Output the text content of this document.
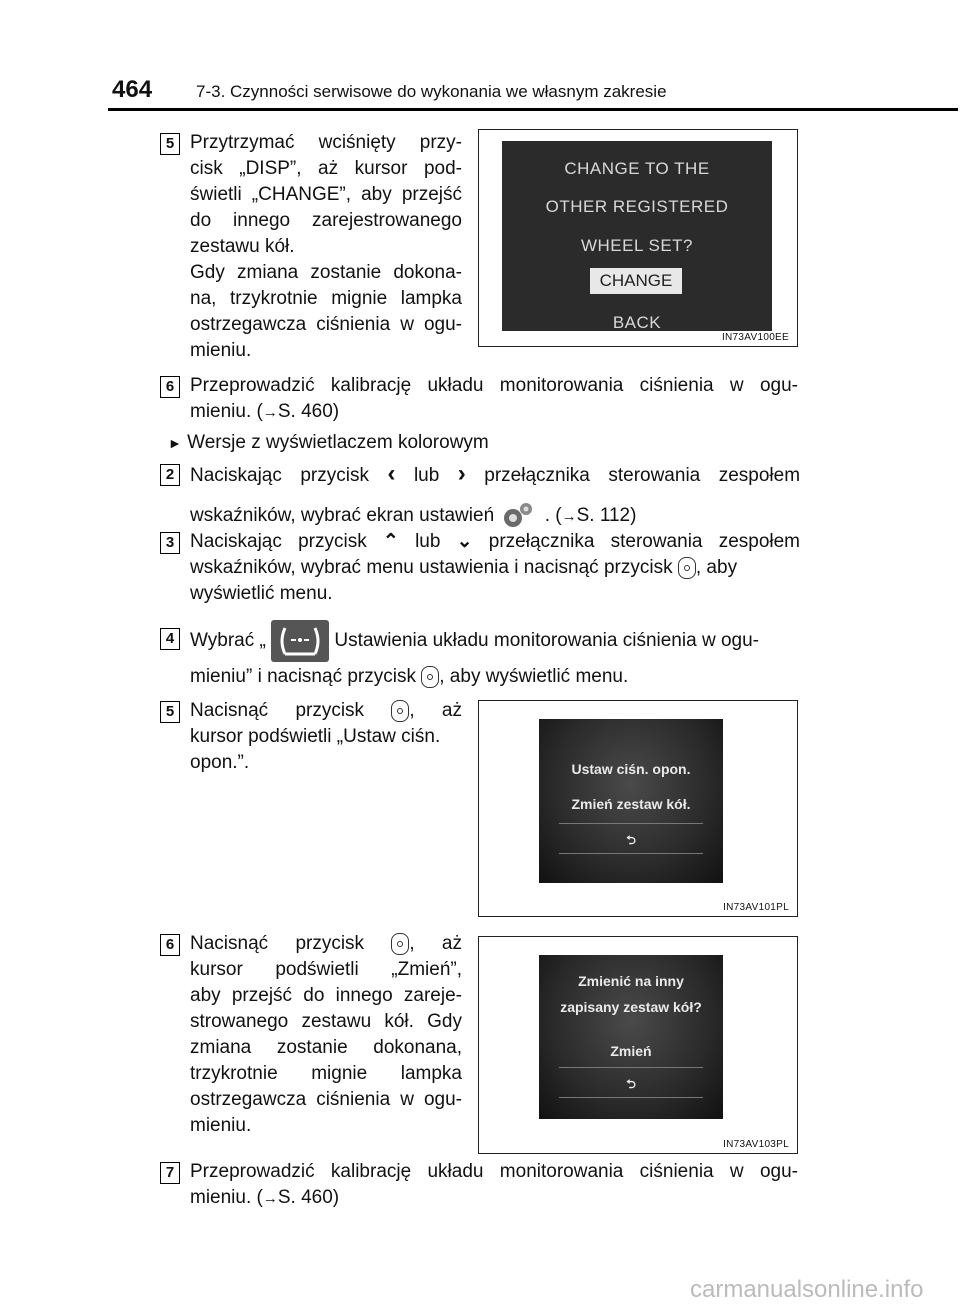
464	7-3. Czynności serwisowe do wykonania we własnym zakresie
5 Przytrzymać wciśnięty przy-
cisk „DISP”, aż kursor pod-
świetli „CHANGE”, aby przejść
do innego zarejestrowanego
zestawu kół.
Gdy zmiana zostanie dokona-
na, trzykrotnie mignie lampka
ostrzegawcza ciśnienia w ogu-
mieniu.
CHANGE TO THE
OTHER REGISTERED
WHEEL SET?
CHANGE
BACK
IN73AV100EE
6 Przeprowadzić kalibrację układu monitorowania ciśnienia w ogu-
mieniu. (→S. 460)
► Wersje z wyświetlaczem kolorowym
2 Naciskając przycisk ‹ lub › przełącznika sterowania zespołem
wskaźników, wybrać ekran ustawień	. (→S. 112)
3 Naciskając przycisk ⌃ lub ⌄ przełącznika sterowania zespołem
wskaźników, wybrać menu ustawienia i nacisnąć przycisk , aby
wyświetlić menu.
4 Wybrać „	Ustawienia układu monitorowania ciśnienia w ogu-
mieniu” i nacisnąć przycisk , aby wyświetlić menu.
5 Nacisnąć przycisk , aż
kursor podświetli „Ustaw ciśn.
opon.”.	Ustaw ciśn. opon.
Zmień zestaw kół.
⮌
IN73AV101PL
6 Nacisnąć przycisk , aż
kursor podświetli „Zmień”,
aby przejść do innego zareje-
strowanego zestawu kół. Gdy
zmiana zostanie dokonana,
trzykrotnie mignie lampka
ostrzegawcza ciśnienia w ogu-
mieniu.
Zmienić na inny
zapisany zestaw kół?
Zmień
⮌
IN73AV103PL
7 Przeprowadzić kalibrację układu monitorowania ciśnienia w ogu-
mieniu. (→S. 460)
carmanualsonline.info
